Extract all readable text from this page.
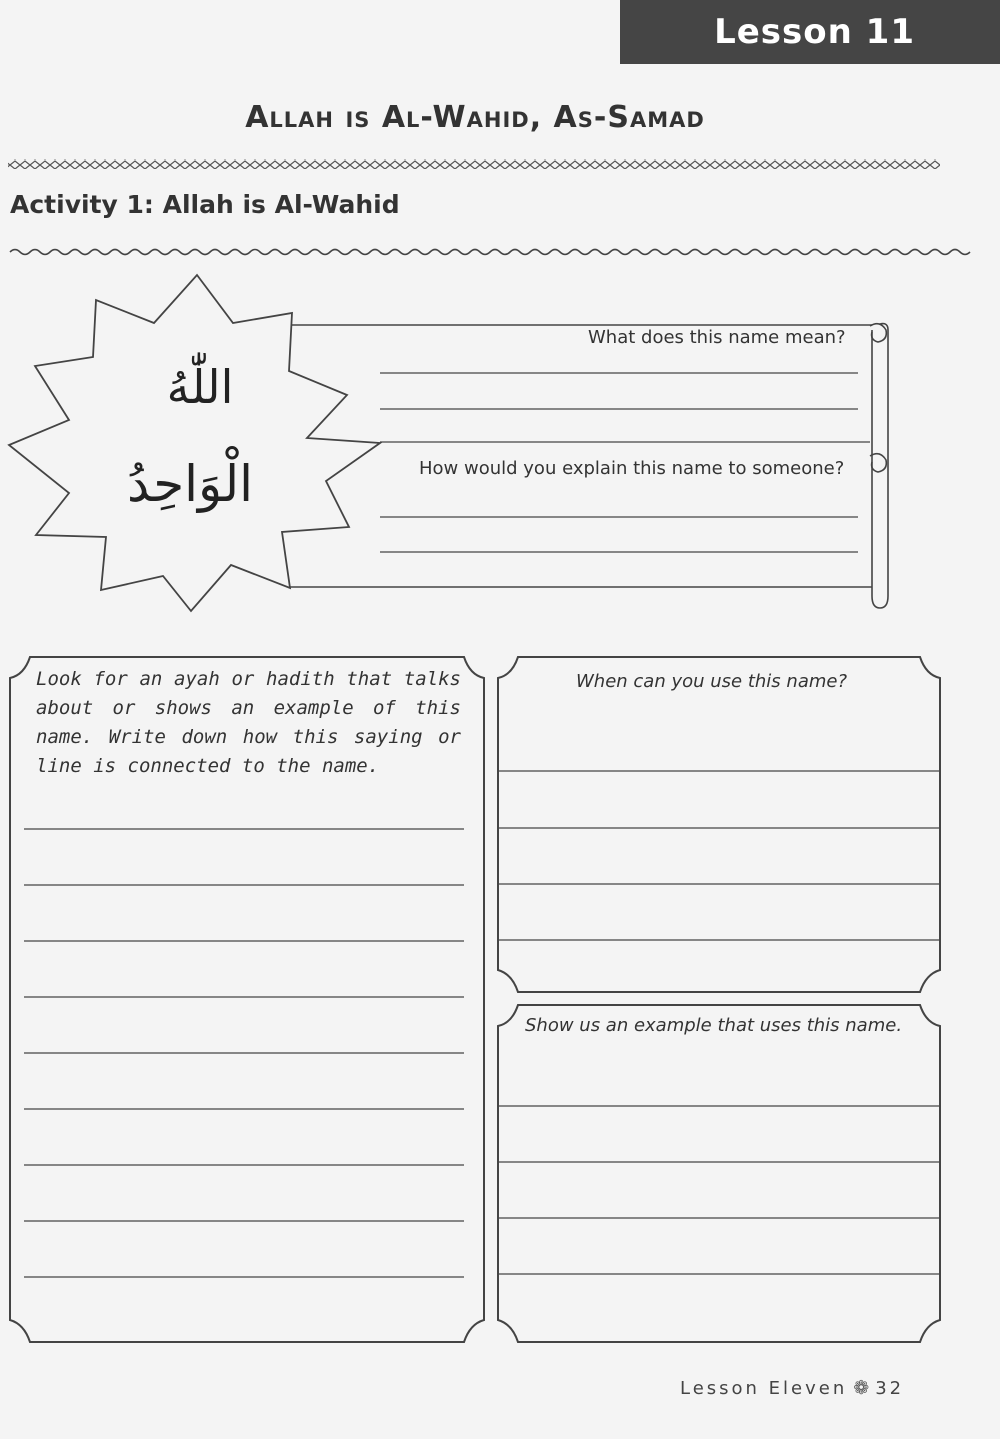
Lesson 11
Allah is Al-Wahid, As-Samad
Activity 1: Allah is Al-Wahid
اللّٰهُ
الْوَاحِدُ
What does this name mean?
How would you explain this name to someone?
Look for an ayah or hadith that talks about or shows an example of this name. Write down how this saying or line is connected to the name.
When can you use this name?
Show us an example that uses this name.
Lesson Eleven ❁ 32
